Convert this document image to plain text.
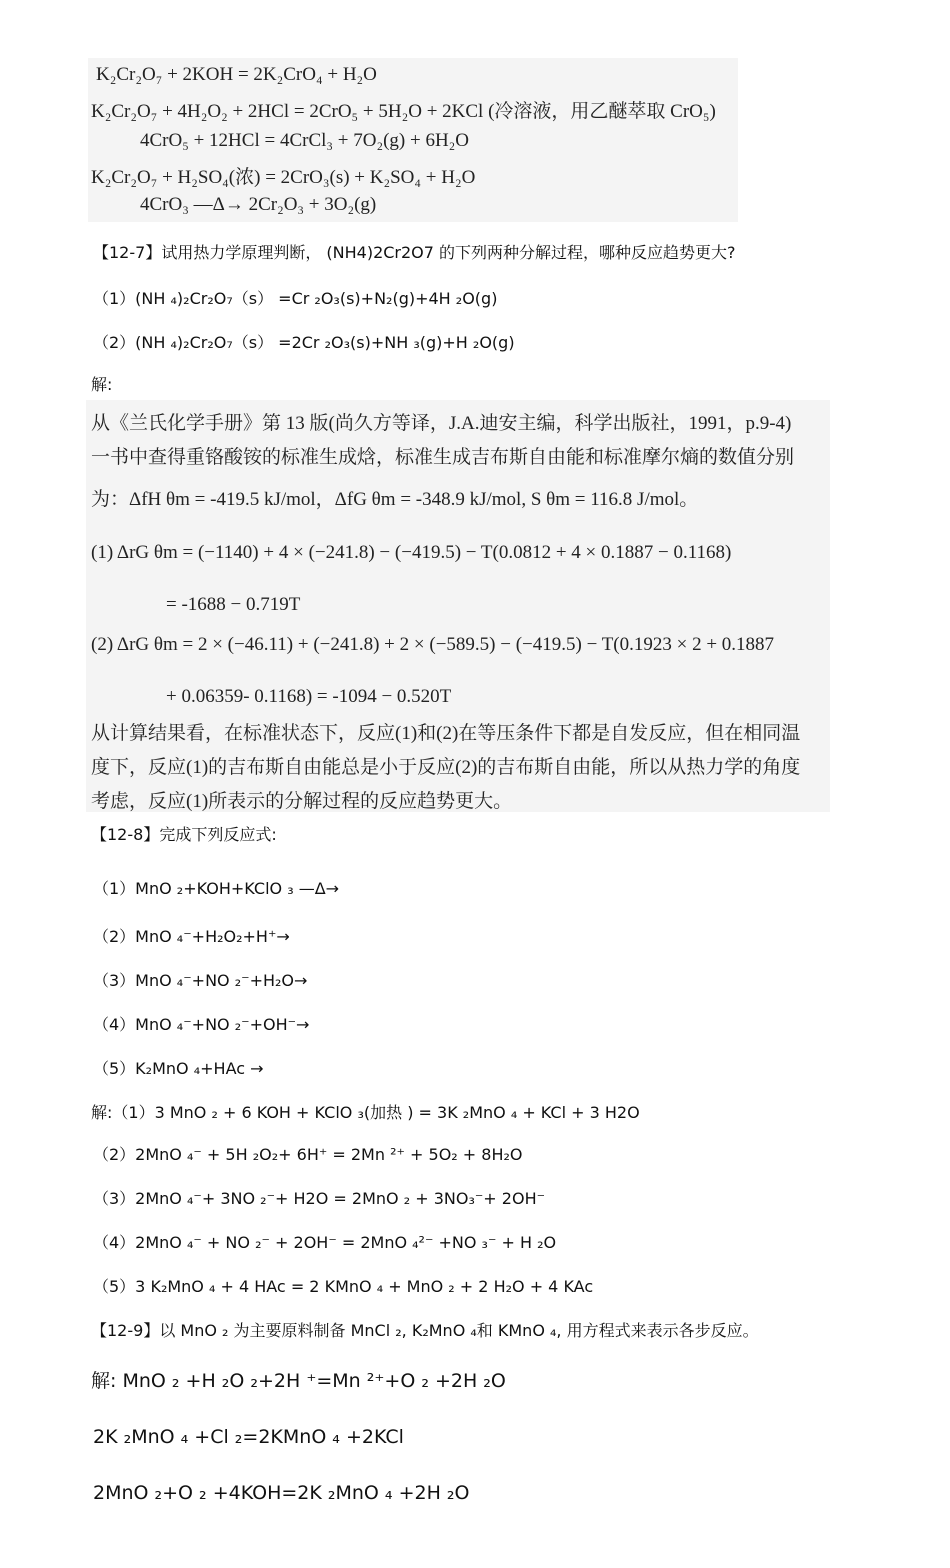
K₂Cr₂O₇ + 2KOH = 2K₂CrO₄ + H₂O
K₂Cr₂O₇ + 4H₂O₂ + 2HCl = 2CrO₅ + 5H₂O + 2KCl (冷溶液，用乙醚萃取 CrO₅)
4CrO₅ + 12HCl = 4CrCl₃ + 7O₂(g) + 6H₂O
K₂Cr₂O₇ + H₂SO₄(浓) = 2CrO₃(s) + K₂SO₄ + H₂O
4CrO₃ —Δ→ 2Cr₂O₃ + 3O₂(g)
【12-7】试用热力学原理判断， (NH4)2Cr2O7 的下列两种分解过程，哪种反应趋势更大?
（1）(NH ₄)₂Cr₂O₇（s） =Cr ₂O₃(s)+N₂(g)+4H ₂O(g)
（2）(NH ₄)₂Cr₂O₇（s） =2Cr ₂O₃(s)+NH ₃(g)+H ₂O(g)
解:
从《兰氏化学手册》第 13 版(尚久方等译，J.A.迪安主编，科学出版社，1991，p.9-4)
一书中查得重铬酸铵的标准生成焓，标准生成吉布斯自由能和标准摩尔熵的数值分别
为：ΔfH θm = -419.5 kJ/mol，ΔfG θm = -348.9 kJ/mol, S θm = 116.8 J/mol。
(1) ΔrG θm = (−1140) + 4 × (−241.8) − (−419.5) − T(0.0812 + 4 × 0.1887 − 0.1168)
= -1688 − 0.719T
(2) ΔrG θm = 2 × (−46.11) + (−241.8) + 2 × (−589.5) − (−419.5) − T(0.1923 × 2 + 0.1887
+ 0.06359- 0.1168) = -1094 − 0.520T
从计算结果看，在标准状态下，反应(1)和(2)在等压条件下都是自发反应，但在相同温
度下，反应(1)的吉布斯自由能总是小于反应(2)的吉布斯自由能，所以从热力学的角度
考虑，反应(1)所表示的分解过程的反应趋势更大。
【12-8】完成下列反应式:
（1）MnO ₂+KOH+KClO ₃ —Δ→
（2）MnO ₄⁻+H₂O₂+H⁺→
（3）MnO ₄⁻+NO ₂⁻+H₂O→
（4）MnO ₄⁻+NO ₂⁻+OH⁻→
（5）K₂MnO ₄+HAc →
解:（1）3 MnO ₂ + 6 KOH + KClO ₃(加热 ) = 3K ₂MnO ₄ + KCl + 3 H2O
（2）2MnO ₄⁻ + 5H ₂O₂+ 6H⁺ = 2Mn ²⁺ + 5O₂ + 8H₂O
（3）2MnO ₄⁻+ 3NO ₂⁻+ H2O = 2MnO ₂ + 3NO₃⁻+ 2OH⁻
（4）2MnO ₄⁻ + NO ₂⁻ + 2OH⁻ = 2MnO ₄²⁻ +NO ₃⁻ + H ₂O
（5）3 K₂MnO ₄ + 4 HAc = 2 KMnO ₄ + MnO ₂ + 2 H₂O + 4 KAc
【12-9】以 MnO ₂ 为主要原料制备 MnCl ₂, K₂MnO ₄和 KMnO ₄, 用方程式来表示各步反应。
解: MnO ₂ +H ₂O ₂+2H ⁺=Mn ²⁺+O ₂ +2H ₂O
2K ₂MnO ₄ +Cl ₂=2KMnO ₄ +2KCl
2MnO ₂+O ₂ +4KOH=2K ₂MnO ₄ +2H ₂O
